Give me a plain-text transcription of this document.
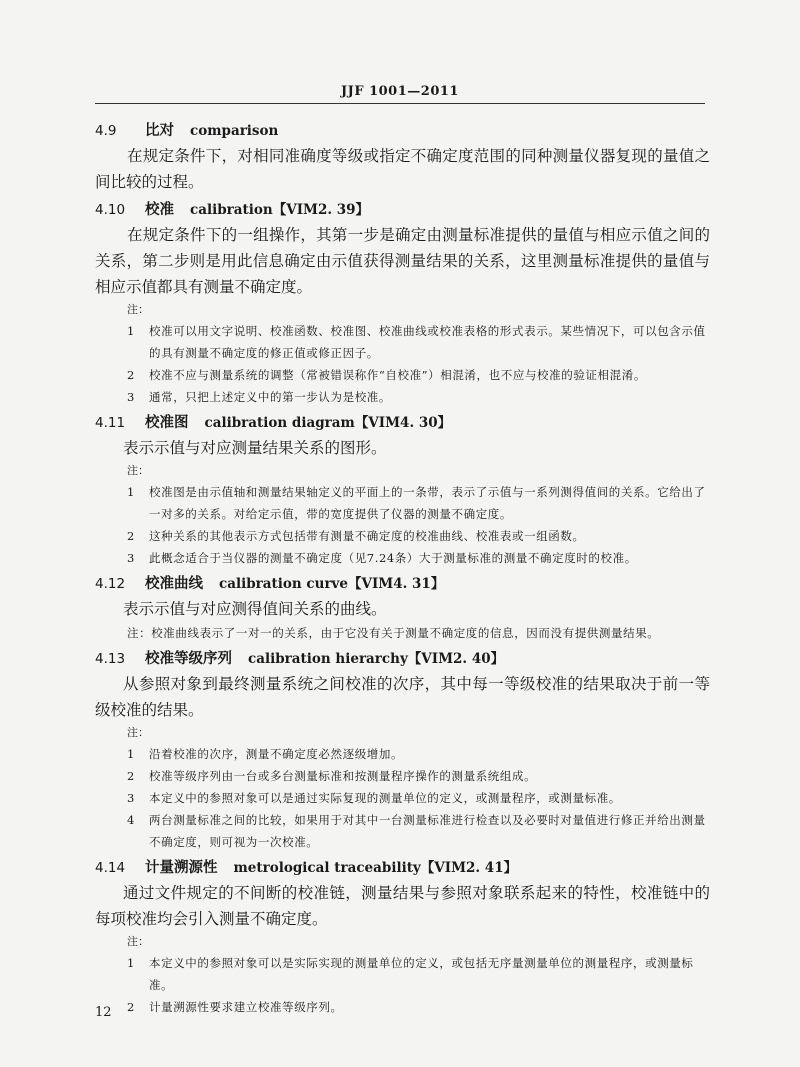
JJF 1001—2011
4.9	比对 comparison

在规定条件下，对相同准确度等级或指定不确定度范围的同种测量仪器复现的量值之间比较的过程。

4.10	校准 calibration 【VIM2. 39】

在规定条件下的一组操作，其第一步是确定由测量标准提供的量值与相应示值之间的关系，第二步则是用此信息确定由示值获得测量结果的关系，这里测量标准提供的量值与相应示值都具有测量不确定度。

注：
1	校准可以用文字说明、校准函数、校准图、校准曲线或校准表格的形式表示。某些情况下，可以包含示值的具有测量不确定度的修正值或修正因子。
2	校准不应与测量系统的调整（常被错误称作“自校准”）相混淆，也不应与校准的验证相混淆。
3	通常，只把上述定义中的第一步认为是校准。
4.11	校准图 calibration diagram 【VIM4. 30】

表示示值与对应测量结果关系的图形。

注：
1	校准图是由示值轴和测量结果轴定义的平面上的一条带，表示了示值与一系列测得值间的关系。它给出了一对多的关系。对给定示值，带的宽度提供了仪器的测量不确定度。
2	这种关系的其他表示方式包括带有测量不确定度的校准曲线、校准表或一组函数。
3	此概念适合于当仪器的测量不确定度（见7.24条）大于测量标准的测量不确定度时的校准。
4.12	校准曲线 calibration curve 【VIM4. 31】

表示示值与对应测得值间关系的曲线。

注：校准曲线表示了一对一的关系，由于它没有关于测量不确定度的信息，因而没有提供测量结果。
4.13	校准等级序列 calibration hierarchy 【VIM2. 40】

从参照对象到最终测量系统之间校准的次序，其中每一等级校准的结果取决于前一等级校准的结果。

注：
1	沿着校准的次序，测量不确定度必然逐级增加。
2	校准等级序列由一台或多台测量标准和按测量程序操作的测量系统组成。
3	本定义中的参照对象可以是通过实际复现的测量单位的定义，或测量程序，或测量标准。
4	两台测量标准之间的比较，如果用于对其中一台测量标准进行检查以及必要时对量值进行修正并给出测量不确定度，则可视为一次校准。
4.14	计量溯源性 metrological traceability 【VIM2. 41】

通过文件规定的不间断的校准链，测量结果与参照对象联系起来的特性，校准链中的每项校准均会引入测量不确定度。

注：
1	本定义中的参照对象可以是实际实现的测量单位的定义，或包括无序量测量单位的测量程序，或测量标准。
2	计量溯源性要求建立校准等级序列。
12
